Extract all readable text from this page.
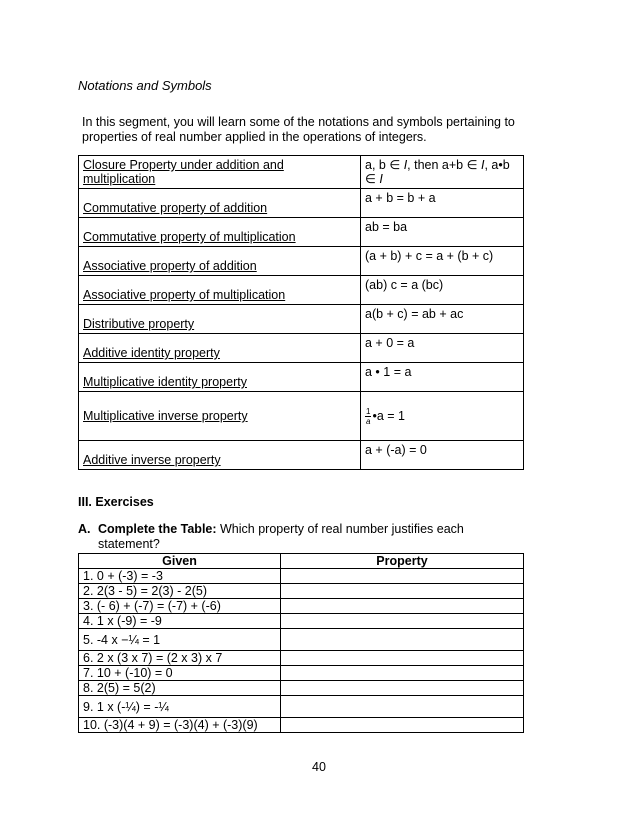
Notations and Symbols
In this segment, you will learn some of the notations and symbols pertaining to properties of real number applied in the operations of integers.
Closure Property under addition and multiplication	a, b ∈ I, then a+b ∈ I, a•b ∈ I
Commutative property of addition	a + b = b + a
Commutative property of multiplication	ab = ba
Associative property of addition	(a + b) + c = a + (b + c)
Associative property of multiplication	(ab) c = a (bc)
Distributive property	a(b + c) = ab + ac
Additive identity property	a + 0 = a
Multiplicative identity property	a • 1 = a
Multiplicative inverse property	$\frac{1}{a}$ •a = 1
Additive inverse property	a + (-a) = 0
III. Exercises
A. Complete the Table: Which property of real number justifies each statement?
Given	Property
1. 0 + (-3) = -3	
2. 2(3 - 5) = 2(3) - 2(5)	
3. (- 6) + (-7) = (-7) + (-6)	
4. 1 x (-9) = -9	
5. -4 x −¼ = 1	
6. 2 x (3 x 7) = (2 x 3) x 7	
7. 10 + (-10) = 0	
8. 2(5) = 5(2)	
9. 1 x (-¼) = -¼	
10. (-3)(4 + 9) = (-3)(4) + (-3)(9)	
40
